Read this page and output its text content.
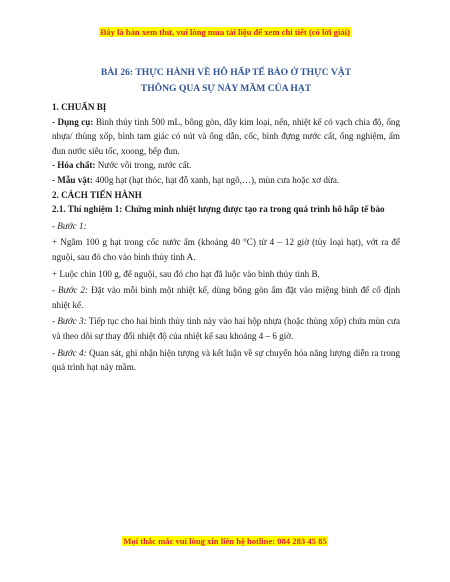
Đây là bản xem thử, vui lòng mua tài liệu để xem chi tiết (có lời giải)
BÀI 26: THỰC HÀNH VỀ HÔ HẤP TẾ BÀO Ở THỰC VẬT
THÔNG QUA SỰ NẢY MẦM CỦA HẠT

1. CHUẨN BỊ

- Dụng cụ: Bình thủy tinh 500 mL, bông gòn, dây kim loại, nến, nhiệt kế có vạch chia độ, ống nhựa/ thùng xốp, bình tam giác có nút và ống dẫn, cốc, bình đựng nước cất, ống nghiệm, ấm đun nước siêu tốc, xoong, bếp đun.

- Hóa chất: Nước vôi trong, nước cất.

- Mẫu vật: 400g hạt (hạt thóc, hạt đỗ xanh, hạt ngô,…), mùn cưa hoặc xơ dừa.

2. CÁCH TIẾN HÀNH

2.1. Thí nghiệm 1: Chứng minh nhiệt lượng được tạo ra trong quá trình hô hấp tế bào

- Bước 1:

+ Ngâm 100 g hạt trong cốc nước ấm (khoảng 40 °C) từ 4 – 12 giờ (tùy loại hạt), vớt ra để nguội, sau đó cho vào bình thủy tinh A.

+ Luộc chín 100 g, để nguội, sau đó cho hạt đã luộc vào bình thủy tinh B.

- Bước 2: Đặt vào mỗi bình một nhiệt kế, dùng bông gòn ẩm đặt vào miệng bình để cố định nhiệt kế.

- Bước 3: Tiếp tục cho hai bình thủy tinh này vào hai hộp nhựa (hoặc thùng xốp) chứa mùn cưa và theo dõi sự thay đổi nhiệt độ của nhiệt kế sau khoảng 4 – 6 giờ.

- Bước 4: Quan sát, ghi nhận hiện tượng và kết luận về sự chuyển hóa năng lượng diễn ra trong quá trình hạt nảy mầm.

Mọi thắc mắc vui lòng xin liên hệ hotline: 084 283 45 85
